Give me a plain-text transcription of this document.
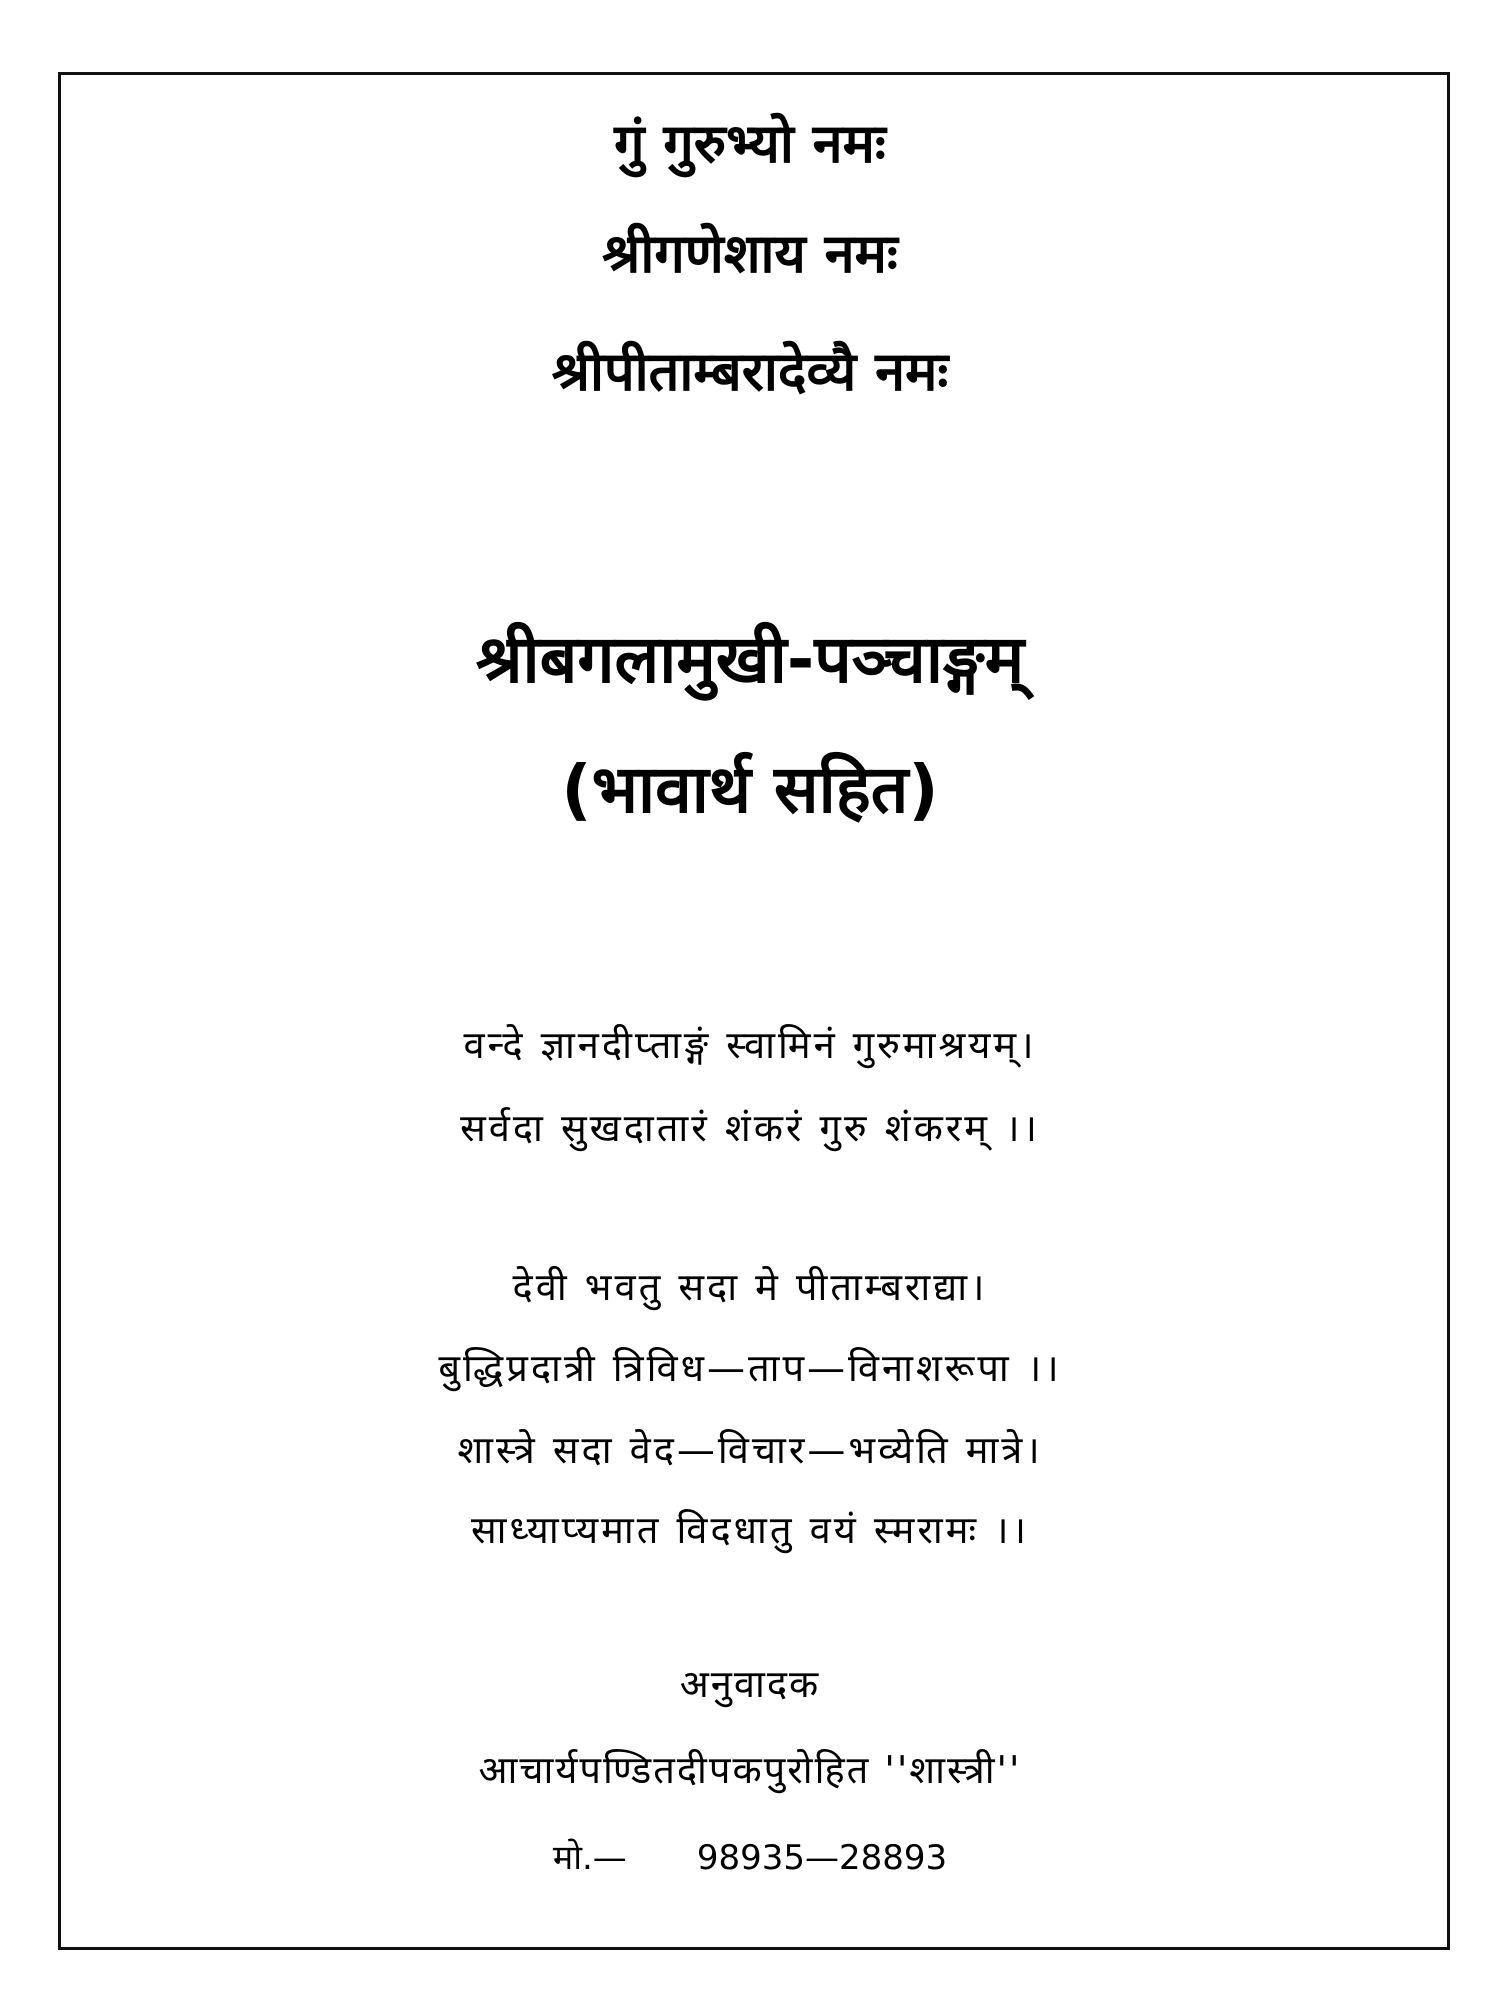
गुं गुरुभ्यो नमः
श्रीगणेशाय नमः
श्रीपीताम्बरादेव्यै नमः
श्रीबगलामुखी-पञ्चाङ्गम्
(भावार्थ सहित)
वन्दे ज्ञानदीप्ताङ्गं स्वामिनं गुरुमाश्रयम्।
सर्वदा सुखदातारं शंकरं गुरु शंकरम् ।।
देवी भवतु सदा मे पीताम्बराद्या।
बुद्धिप्रदात्री त्रिविध—ताप—विनाशरूपा ।।
शास्त्रे सदा वेद—विचार—भव्येति मात्रे।
साध्याप्यमात विदधातु वयं स्मरामः ।।
अनुवादक
आचार्यपण्डितदीपकपुरोहित ''शास्त्री''
मो.— 98935—28893
